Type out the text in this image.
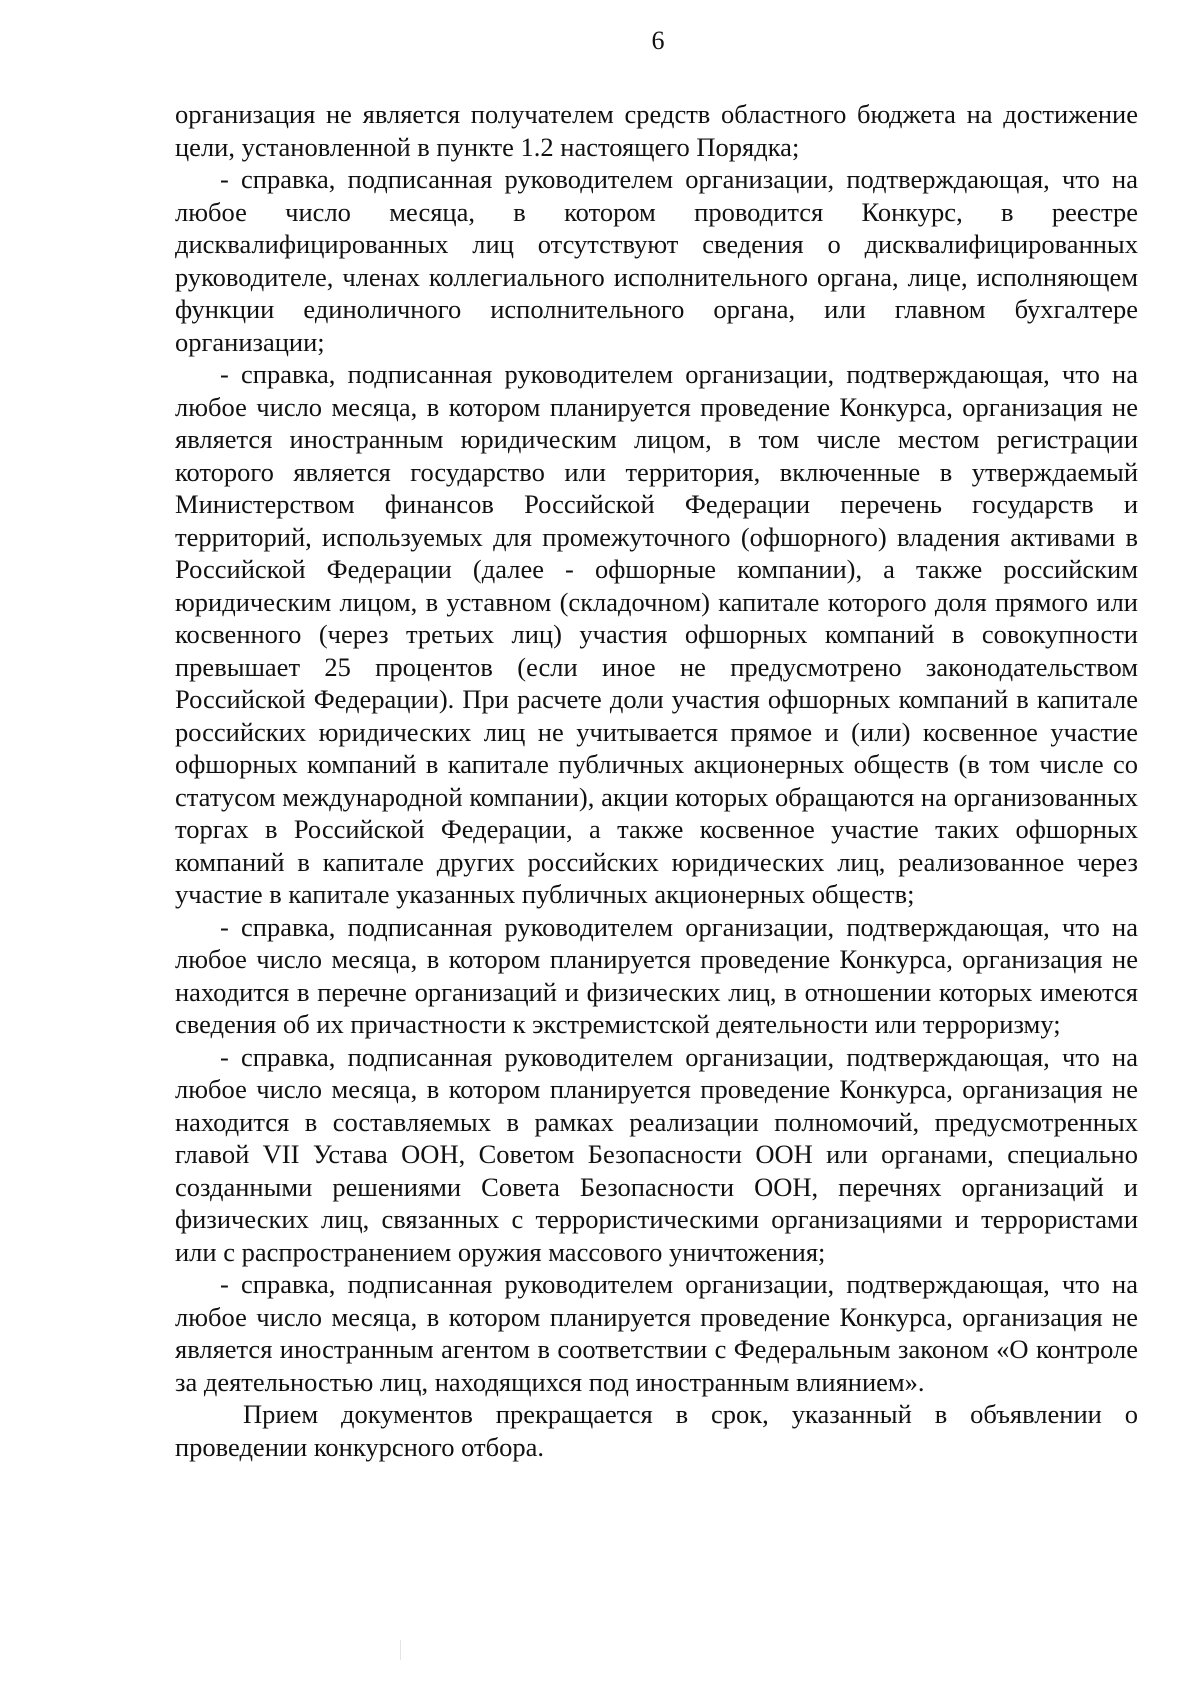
6

организация не является получателем средств областного бюджета на достижение цели, установленной в пункте 1.2 настоящего Порядка;

- справка, подписанная руководителем организации, подтверждающая, что на любое число месяца, в котором проводится Конкурс, в реестре дисквалифицированных лиц отсутствуют сведения о дисквалифицированных руководителе, членах коллегиального исполнительного органа, лице, исполняющем функции единоличного исполнительного органа, или главном бухгалтере организации;

- справка, подписанная руководителем организации, подтверждающая, что на любое число месяца, в котором планируется проведение Конкурса, организация не является иностранным юридическим лицом, в том числе местом регистрации которого является государство или территория, включенные в утверждаемый Министерством финансов Российской Федерации перечень государств и территорий, используемых для промежуточного (офшорного) владения активами в Российской Федерации (далее - офшорные компании), а также российским юридическим лицом, в уставном (складочном) капитале которого доля прямого или косвенного (через третьих лиц) участия офшорных компаний в совокупности превышает 25 процентов (если иное не предусмотрено законодательством Российской Федерации). При расчете доли участия офшорных компаний в капитале российских юридических лиц не учитывается прямое и (или) косвенное участие офшорных компаний в капитале публичных акционерных обществ (в том числе со статусом международной компании), акции которых обращаются на организованных торгах в Российской Федерации, а также косвенное участие таких офшорных компаний в капитале других российских юридических лиц, реализованное через участие в капитале указанных публичных акционерных обществ;

- справка, подписанная руководителем организации, подтверждающая, что на любое число месяца, в котором планируется проведение Конкурса, организация не находится в перечне организаций и физических лиц, в отношении которых имеются сведения об их причастности к экстремистской деятельности или терроризму;

- справка, подписанная руководителем организации, подтверждающая, что на любое число месяца, в котором планируется проведение Конкурса, организация не находится в составляемых в рамках реализации полномочий, предусмотренных главой VII Устава ООН, Советом Безопасности ООН или органами, специально созданными решениями Совета Безопасности ООН, перечнях организаций и физических лиц, связанных с террористическими организациями и террористами или с распространением оружия массового уничтожения;

- справка, подписанная руководителем организации, подтверждающая, что на любое число месяца, в котором планируется проведение Конкурса, организация не является иностранным агентом в соответствии с Федеральным законом «О контроле за деятельностью лиц, находящихся под иностранным влиянием».

Прием документов прекращается в срок, указанный в объявлении о проведении конкурсного отбора.
